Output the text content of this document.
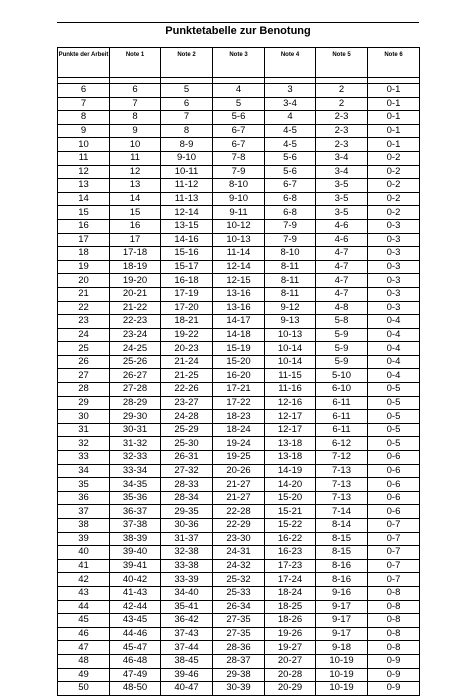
Punktetabelle zur Benotung
Punkte der Arbeit	Note 1	Note 2	Note 3	Note 4	Note 5	Note 6

6	6	5	4	3	2	0-1
7	7	6	5	3-4	2	0-1
8	8	7	5-6	4	2-3	0-1
9	9	8	6-7	4-5	2-3	0-1
10	10	8-9	6-7	4-5	2-3	0-1
11	11	9-10	7-8	5-6	3-4	0-2
12	12	10-11	7-9	5-6	3-4	0-2
13	13	11-12	8-10	6-7	3-5	0-2
14	14	11-13	9-10	6-8	3-5	0-2
15	15	12-14	9-11	6-8	3-5	0-2
16	16	13-15	10-12	7-9	4-6	0-3
17	17	14-16	10-13	7-9	4-6	0-3
18	17-18	15-16	11-14	8-10	4-7	0-3
19	18-19	15-17	12-14	8-11	4-7	0-3
20	19-20	16-18	12-15	8-11	4-7	0-3
21	20-21	17-19	13-16	8-11	4-7	0-3
22	21-22	17-20	13-16	9-12	4-8	0-3
23	22-23	18-21	14-17	9-13	5-8	0-4
24	23-24	19-22	14-18	10-13	5-9	0-4
25	24-25	20-23	15-19	10-14	5-9	0-4
26	25-26	21-24	15-20	10-14	5-9	0-4
27	26-27	21-25	16-20	11-15	5-10	0-4
28	27-28	22-26	17-21	11-16	6-10	0-5
29	28-29	23-27	17-22	12-16	6-11	0-5
30	29-30	24-28	18-23	12-17	6-11	0-5
31	30-31	25-29	18-24	12-17	6-11	0-5
32	31-32	25-30	19-24	13-18	6-12	0-5
33	32-33	26-31	19-25	13-18	7-12	0-6
34	33-34	27-32	20-26	14-19	7-13	0-6
35	34-35	28-33	21-27	14-20	7-13	0-6
36	35-36	28-34	21-27	15-20	7-13	0-6
37	36-37	29-35	22-28	15-21	7-14	0-6
38	37-38	30-36	22-29	15-22	8-14	0-7
39	38-39	31-37	23-30	16-22	8-15	0-7
40	39-40	32-38	24-31	16-23	8-15	0-7
41	39-41	33-38	24-32	17-23	8-16	0-7
42	40-42	33-39	25-32	17-24	8-16	0-7
43	41-43	34-40	25-33	18-24	9-16	0-8
44	42-44	35-41	26-34	18-25	9-17	0-8
45	43-45	36-42	27-35	18-26	9-17	0-8
46	44-46	37-43	27-35	19-26	9-17	0-8
47	45-47	37-44	28-36	19-27	9-18	0-8
48	46-48	38-45	28-37	20-27	10-19	0-9
49	47-49	39-46	29-38	20-28	10-19	0-9
50	48-50	40-47	30-39	20-29	10-19	0-9
